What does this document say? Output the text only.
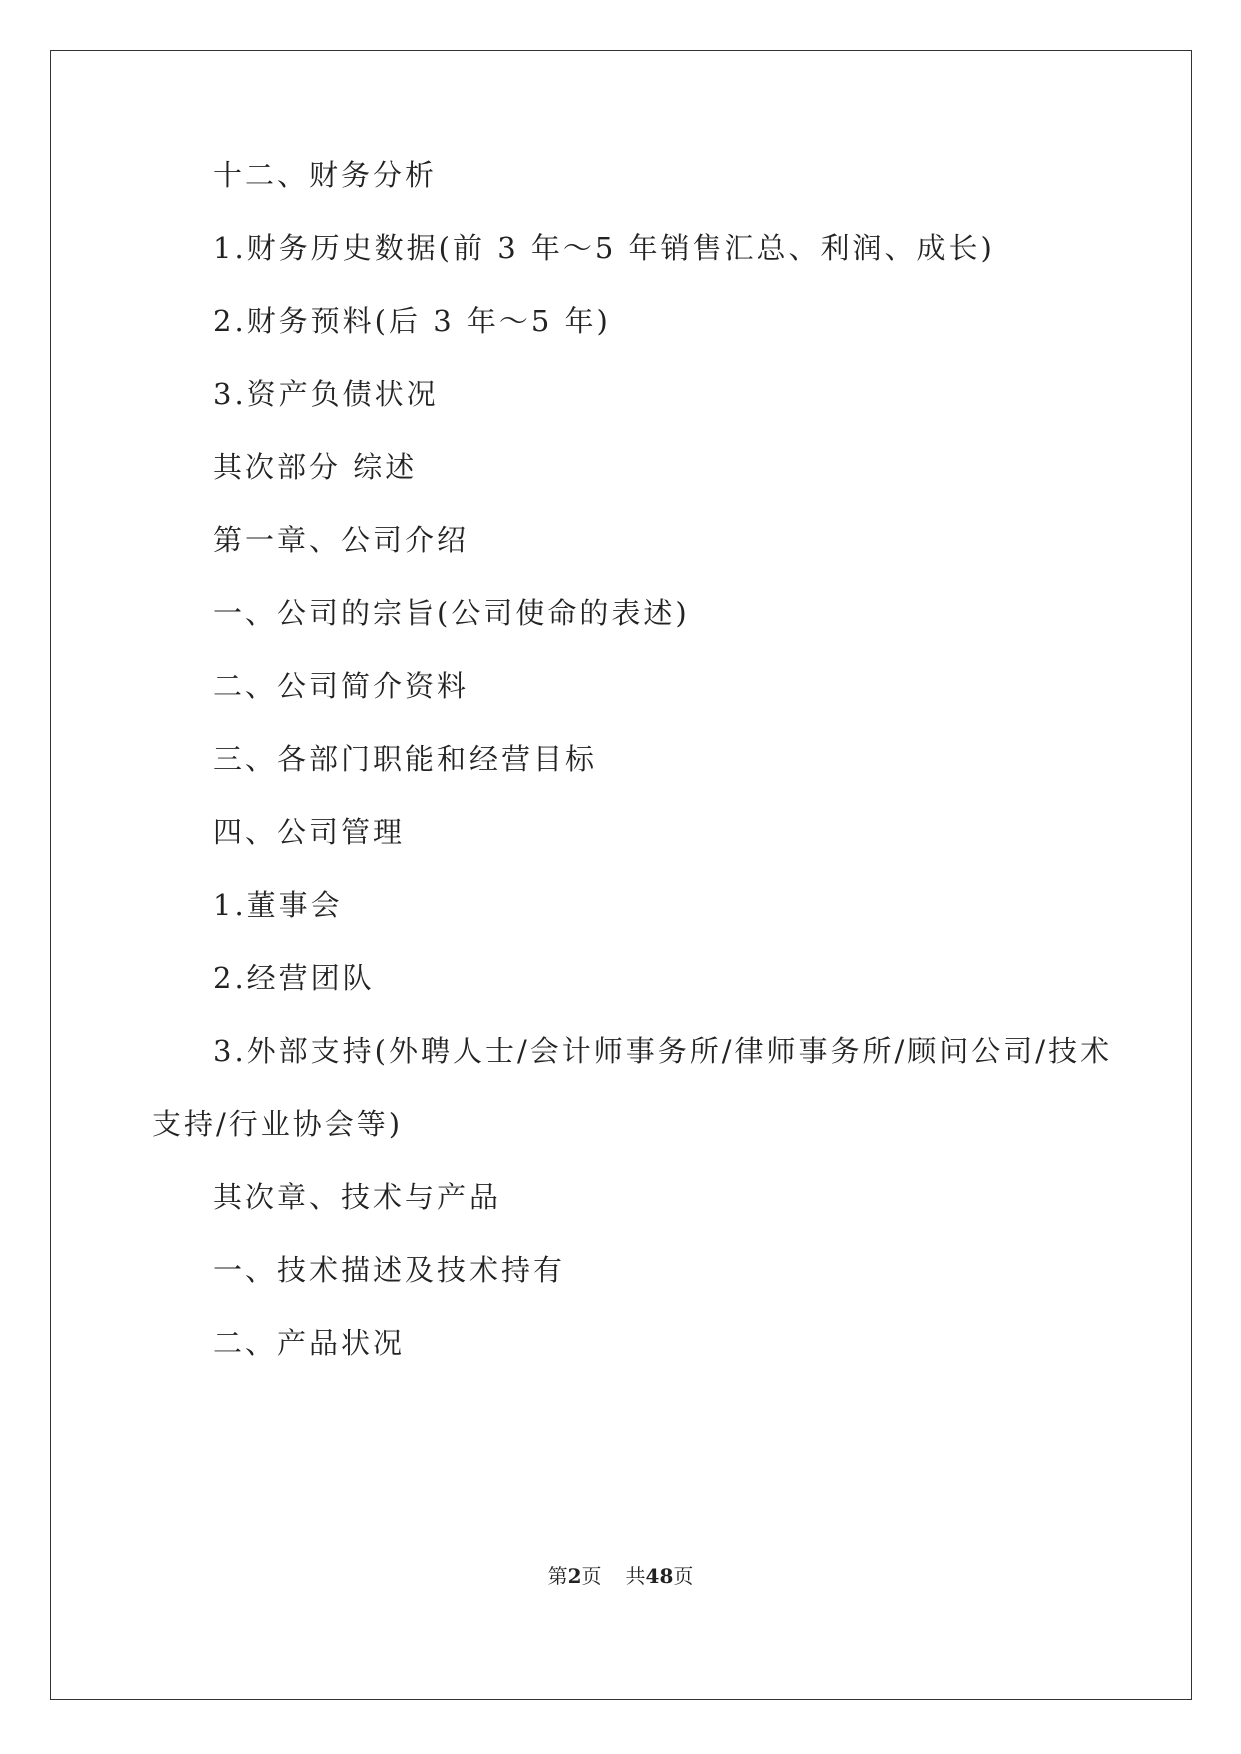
十二、财务分析
1.财务历史数据(前 3 年～5 年销售汇总、利润、成长)
2.财务预料(后 3 年～5 年)
3.资产负债状况
其次部分 综述
第一章、公司介绍
一、公司的宗旨(公司使命的表述)
二、公司简介资料
三、各部门职能和经营目标
四、公司管理
1.董事会
2.经营团队
3.外部支持(外聘人士/会计师事务所/律师事务所/顾问公司/技术
支持/行业协会等)
其次章、技术与产品
一、技术描述及技术持有
二、产品状况
第2页 共48页
